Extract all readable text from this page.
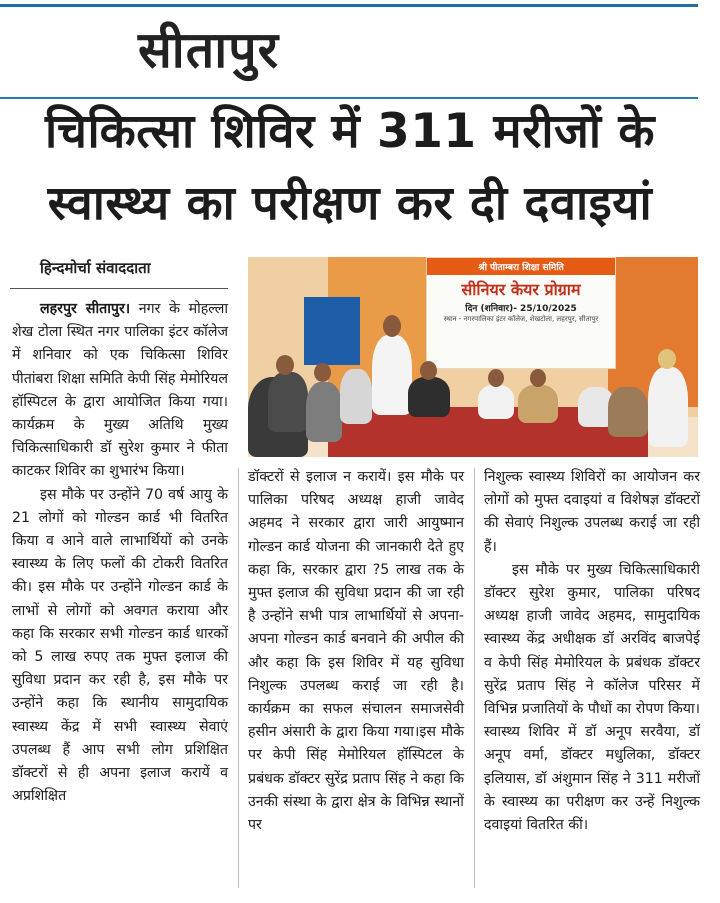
सीतापुर
चिकित्सा शिविर में 311 मरीजों के
स्वास्थ्य का परीक्षण कर दी दवाइयां
हिन्दमोर्चा संवाददाता

लहरपुर सीतापुर। नगर के मोहल्ला शेख टोला स्थित नगर पालिका इंटर कॉलेज में शनिवार को एक चिकित्सा शिविर पीतांबरा शिक्षा समिति केपी सिंह मेमोरियल हॉस्पिटल के द्वारा आयोजित किया गया। कार्यक्रम के मुख्य अतिथि मुख्य चिकित्साधिकारी डॉ सुरेश कुमार ने फीता काटकर शिविर का शुभारंभ किया।

इस मौके पर उन्होंने 70 वर्ष आयु के 21 लोगों को गोल्डन कार्ड भी वितरित किया व आने वाले लाभार्थियों को उनके स्वास्थ्य के लिए फलों की टोकरी वितरित की। इस मौके पर उन्होंने गोल्डन कार्ड के लाभों से लोगों को अवगत कराया और कहा कि सरकार सभी गोल्डन कार्ड धारकों को 5 लाख रुपए तक मुफ्त इलाज की सुविधा प्रदान कर रही है, इस मौके पर उन्होंने कहा कि स्थानीय सामुदायिक स्वास्थ्य केंद्र में सभी स्वास्थ्य सेवाएं उपलब्ध हैं आप सभी लोग प्रशिक्षित डॉक्टरों से ही अपना इलाज करायें व अप्रशिक्षित

श्री पीताम्बरा शिक्षा समिति
सीनियर केयर प्रोग्राम
दिन (शनिवार)- 25/10/2025
स्थान - नगरपालिका इंटर कॉलेज, शेखटोला, लहरपुर, सीतापुर

डॉक्टरों से इलाज न करायें। इस मौके पर पालिका परिषद अध्यक्ष हाजी जावेद अहमद ने सरकार द्वारा जारी आयुष्मान गोल्डन कार्ड योजना की जानकारी देते हुए कहा कि, सरकार द्वारा ?5 लाख तक के मुफ्त इलाज की सुविधा प्रदान की जा रही है उन्होंने सभी पात्र लाभार्थियों से अपना-अपना गोल्डन कार्ड बनवाने की अपील की और कहा कि इस शिविर में यह सुविधा निशुल्क उपलब्ध कराई जा रही है। कार्यक्रम का सफल संचालन समाजसेवी हसीन अंसारी के द्वारा किया गया।इस मौके पर केपी सिंह मेमोरियल हॉस्पिटल के प्रबंधक डॉक्टर सुरेंद्र प्रताप सिंह ने कहा कि उनकी संस्था के द्वारा क्षेत्र के विभिन्न स्थानों पर

निशुल्क स्वास्थ्य शिविरों का आयोजन कर लोगों को मुफ्त दवाइयां व विशेषज्ञ डॉक्टरों की सेवाएं निशुल्क उपलब्ध कराई जा रही हैं।

इस मौके पर मुख्य चिकित्साधिकारी डॉक्टर सुरेश कुमार, पालिका परिषद अध्यक्ष हाजी जावेद अहमद, सामुदायिक स्वास्थ्य केंद्र अधीक्षक डॉ अरविंद बाजपेई व केपी सिंह मेमोरियल के प्रबंधक डॉक्टर सुरेंद्र प्रताप सिंह ने कॉलेज परिसर में विभिन्न प्रजातियों के पौधों का रोपण किया। स्वास्थ्य शिविर में डॉ अनूप सरवैया, डॉ अनूप वर्मा, डॉक्टर मधुलिका, डॉक्टर इलियास, डॉ अंशुमान सिंह ने 311 मरीजों के स्वास्थ्य का परीक्षण कर उन्हें निशुल्क दवाइयां वितरित कीं।
